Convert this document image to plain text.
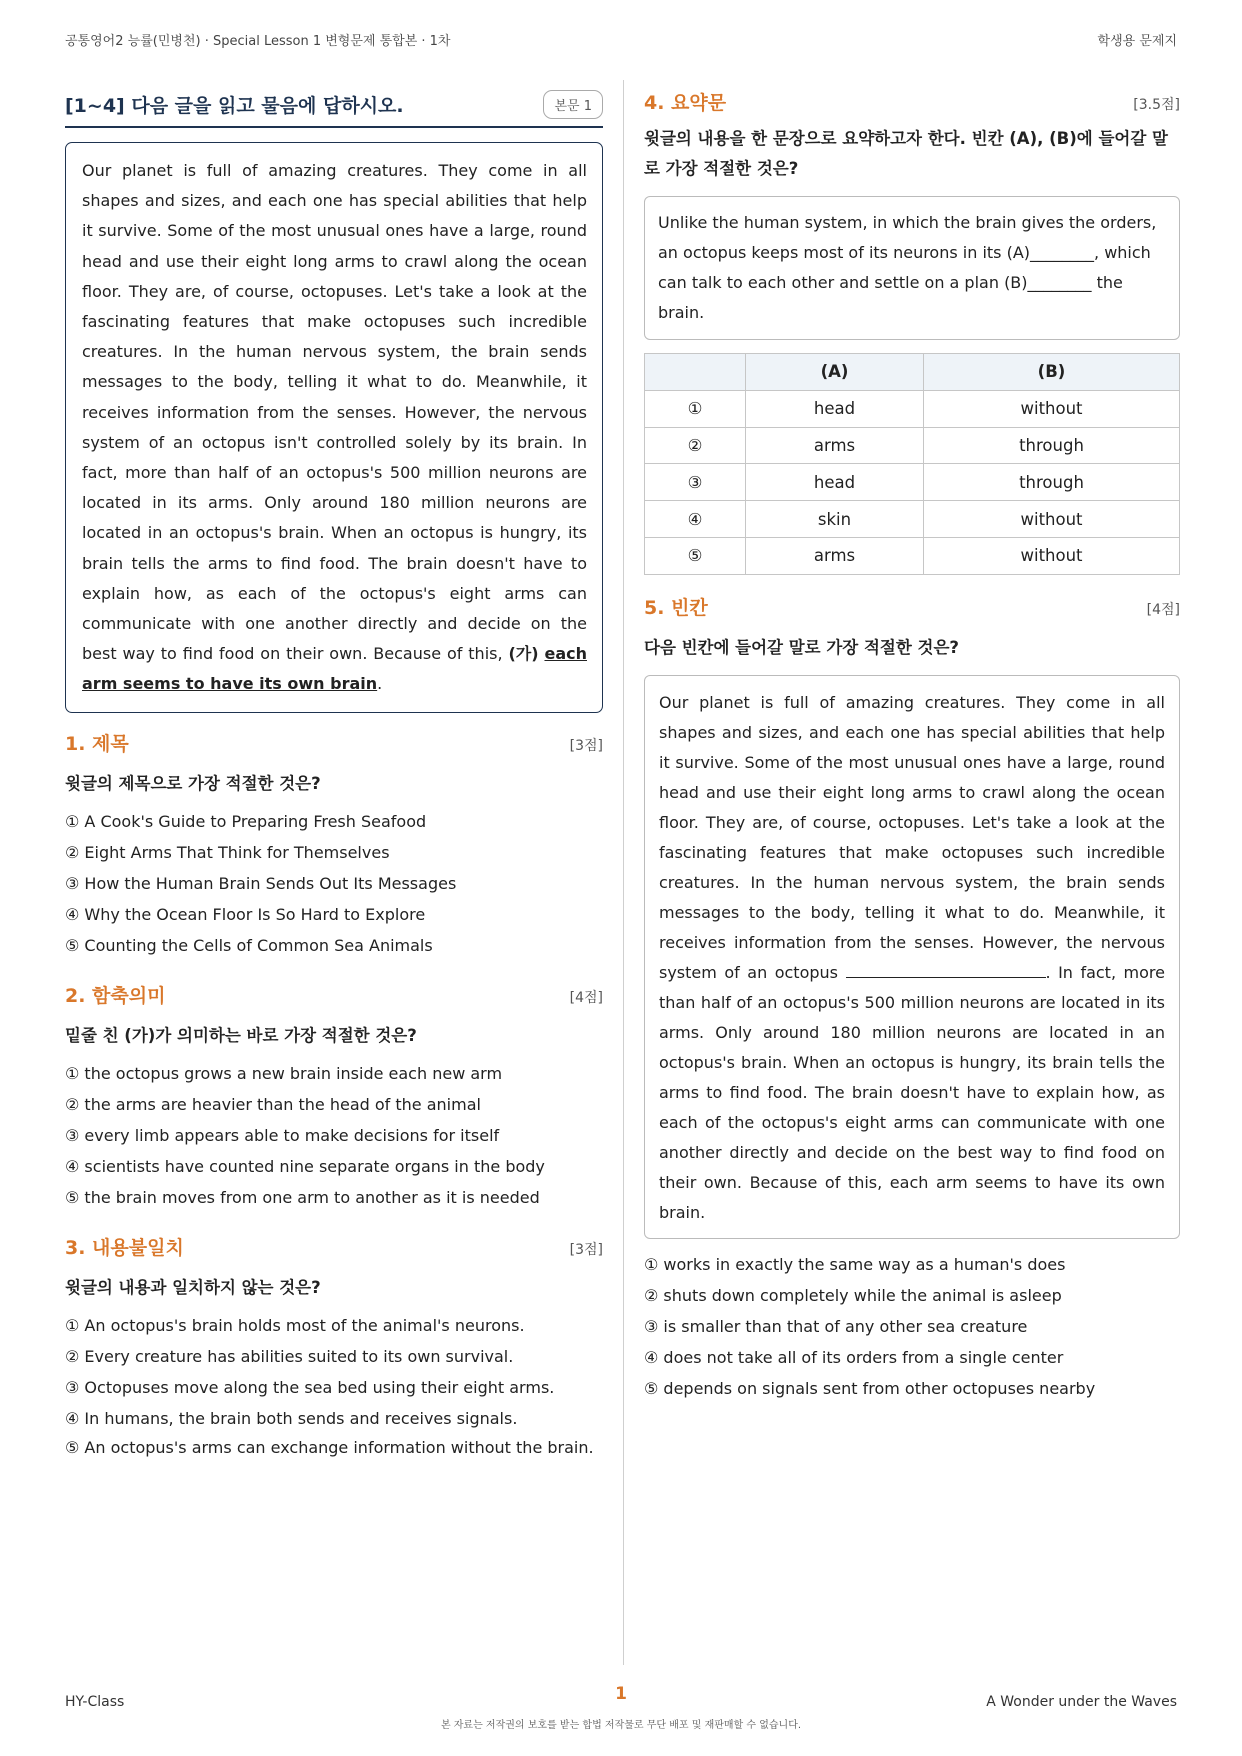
공통영어2 능률(민병천) · Special Lesson 1 변형문제 통합본 · 1차	학생용 문제지
[1~4] 다음 글을 읽고 물음에 답하시오.	본문 1
Our planet is full of amazing creatures. They come in all shapes and sizes, and each one has special abilities that help it survive. Some of the most unusual ones have a large, round head and use their eight long arms to crawl along the ocean floor. They are, of course, octopuses. Let's take a look at the fascinating features that make octopuses such incredible creatures. In the human nervous system, the brain sends messages to the body, telling it what to do. Meanwhile, it receives information from the senses. However, the nervous system of an octopus isn't controlled solely by its brain. In fact, more than half of an octopus's 500 million neurons are located in its arms. Only around 180 million neurons are located in an octopus's brain. When an octopus is hungry, its brain tells the arms to find food. The brain doesn't have to explain how, as each of the octopus's eight arms can communicate with one another directly and decide on the best way to find food on their own. Because of this, (가) each arm seems to have its own brain.
1. 제목	[3점]
윗글의 제목으로 가장 적절한 것은?
① A Cook's Guide to Preparing Fresh Seafood
② Eight Arms That Think for Themselves
③ How the Human Brain Sends Out Its Messages
④ Why the Ocean Floor Is So Hard to Explore
⑤ Counting the Cells of Common Sea Animals
2. 함축의미	[4점]
밑줄 친 (가)가 의미하는 바로 가장 적절한 것은?
① the octopus grows a new brain inside each new arm
② the arms are heavier than the head of the animal
③ every limb appears able to make decisions for itself
④ scientists have counted nine separate organs in the body
⑤ the brain moves from one arm to another as it is needed
3. 내용불일치	[3점]
윗글의 내용과 일치하지 않는 것은?
① An octopus's brain holds most of the animal's neurons.
② Every creature has abilities suited to its own survival.
③ Octopuses move along the sea bed using their eight arms.
④ In humans, the brain both sends and receives signals.
⑤ An octopus's arms can exchange information without the brain.
4. 요약문	[3.5점]
윗글의 내용을 한 문장으로 요약하고자 한다. 빈칸 (A), (B)에 들어갈 말로 가장 적절한 것은?
Unlike the human system, in which the brain gives the orders, an octopus keeps most of its neurons in its (A)________, which can talk to each other and settle on a plan (B)________ the brain.
	(A)	(B)
①	head	without
②	arms	through
③	head	through
④	skin	without
⑤	arms	without
5. 빈칸	[4점]
다음 빈칸에 들어갈 말로 가장 적절한 것은?
Our planet is full of amazing creatures. They come in all shapes and sizes, and each one has special abilities that help it survive. Some of the most unusual ones have a large, round head and use their eight long arms to crawl along the ocean floor. They are, of course, octopuses. Let's take a look at the fascinating features that make octopuses such incredible creatures. In the human nervous system, the brain sends messages to the body, telling it what to do. Meanwhile, it receives information from the senses. However, the nervous system of an octopus	. In fact, more than half of an octopus's 500 million neurons are located in its arms. Only around 180 million neurons are located in an octopus's brain. When an octopus is hungry, its brain tells the arms to find food. The brain doesn't have to explain how, as each of the octopus's eight arms can communicate with one another directly and decide on the best way to find food on their own. Because of this, each arm seems to have its own brain.
① works in exactly the same way as a human's does
② shuts down completely while the animal is asleep
③ is smaller than that of any other sea creature
④ does not take all of its orders from a single center
⑤ depends on signals sent from other octopuses nearby
HY-Class	1	A Wonder under the Waves
본 자료는 저작권의 보호를 받는 합법 저작물로 무단 배포 및 재판매할 수 없습니다.
